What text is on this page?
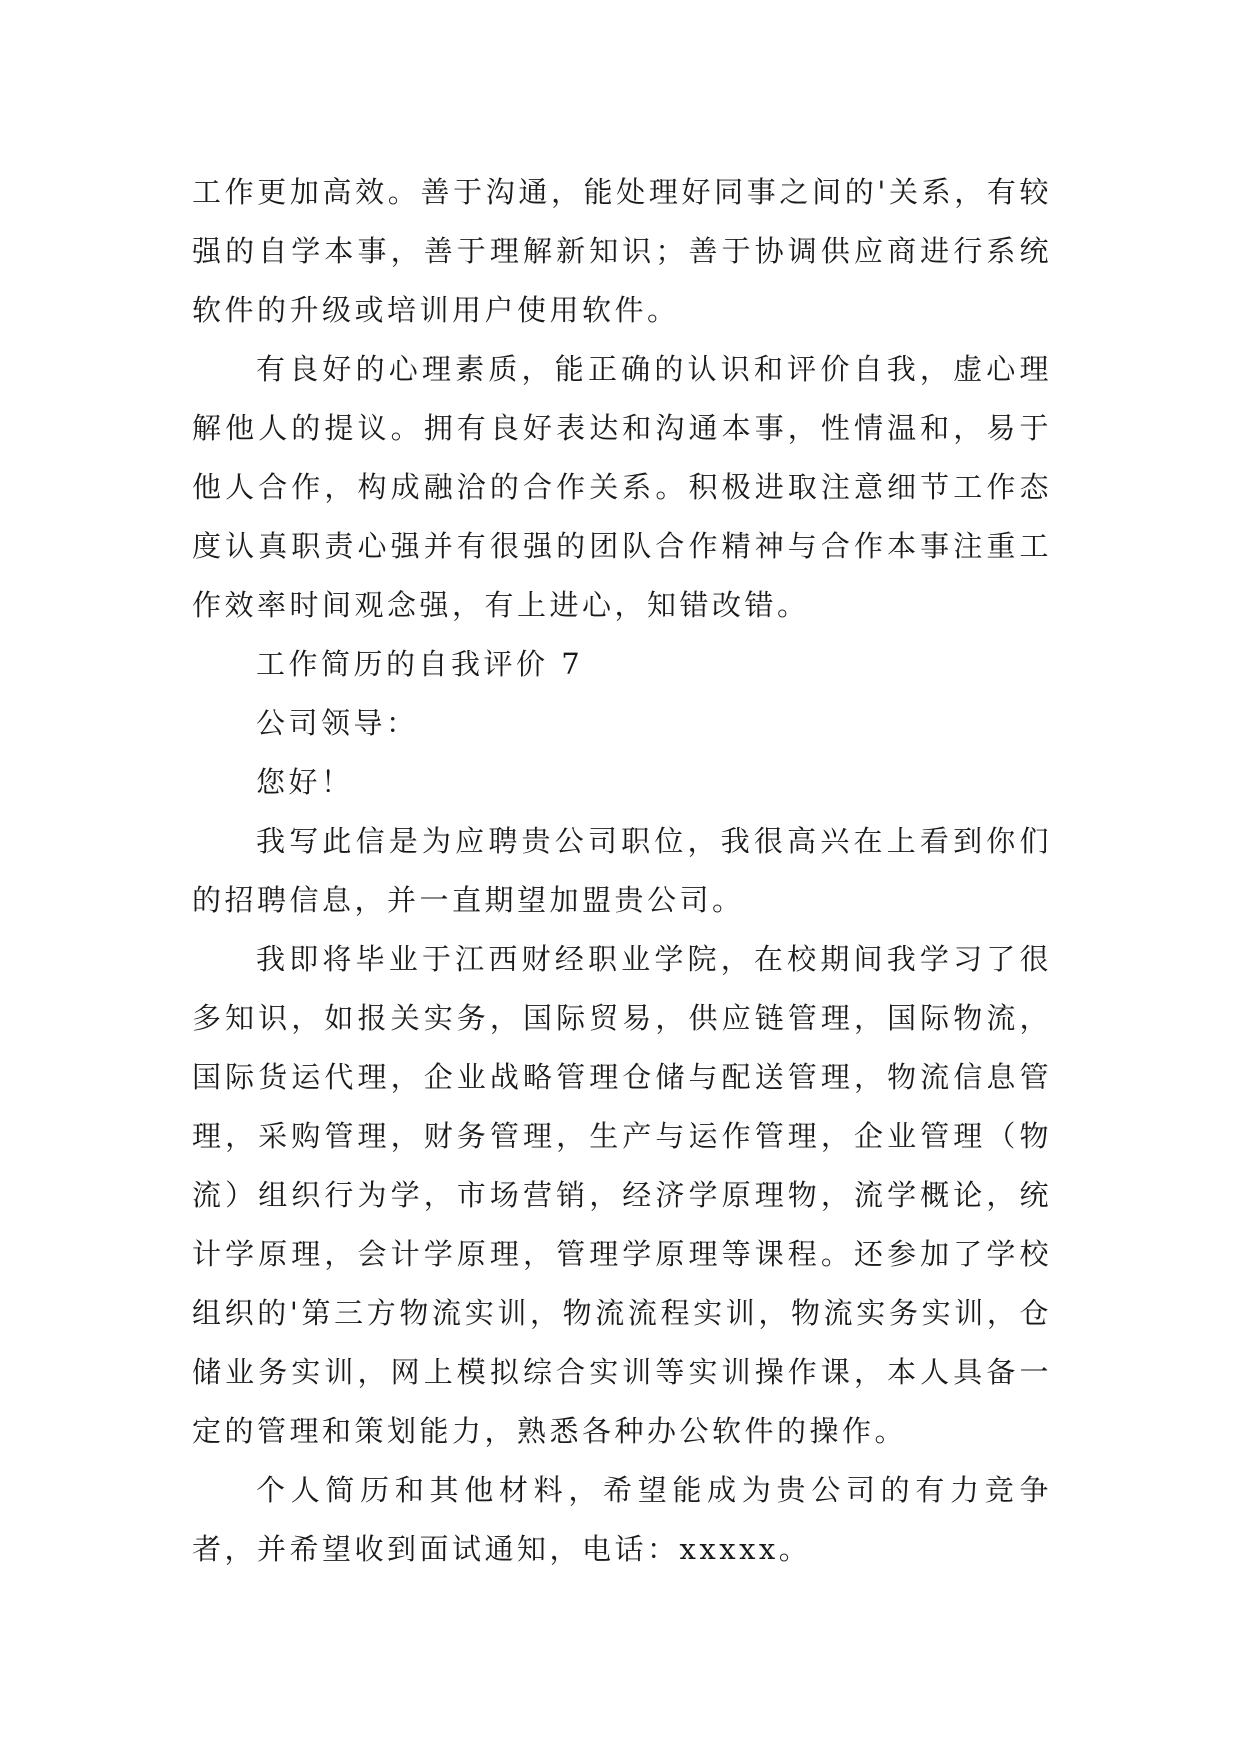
工作更加高效。善于沟通，能处理好同事之间的'关系，有较强的自学本事，善于理解新知识；善于协调供应商进行系统软件的升级或培训用户使用软件。

有良好的心理素质，能正确的认识和评价自我，虚心理解他人的提议。拥有良好表达和沟通本事，性情温和，易于他人合作，构成融洽的合作关系。积极进取注意细节工作态度认真职责心强并有很强的团队合作精神与合作本事注重工作效率时间观念强，有上进心，知错改错。

工作简历的自我评价 7

公司领导：

您好！

我写此信是为应聘贵公司职位，我很高兴在上看到你们的招聘信息，并一直期望加盟贵公司。

我即将毕业于江西财经职业学院，在校期间我学习了很多知识，如报关实务，国际贸易，供应链管理，国际物流，国际货运代理，企业战略管理仓储与配送管理，物流信息管理，采购管理，财务管理，生产与运作管理，企业管理（物流）组织行为学，市场营销，经济学原理物，流学概论，统计学原理，会计学原理，管理学原理等课程。还参加了学校组织的'第三方物流实训，物流流程实训，物流实务实训，仓储业务实训，网上模拟综合实训等实训操作课，本人具备一定的管理和策划能力，熟悉各种办公软件的操作。

个人简历和其他材料，希望能成为贵公司的有力竞争者，并希望收到面试通知，电话：xxxxx。
